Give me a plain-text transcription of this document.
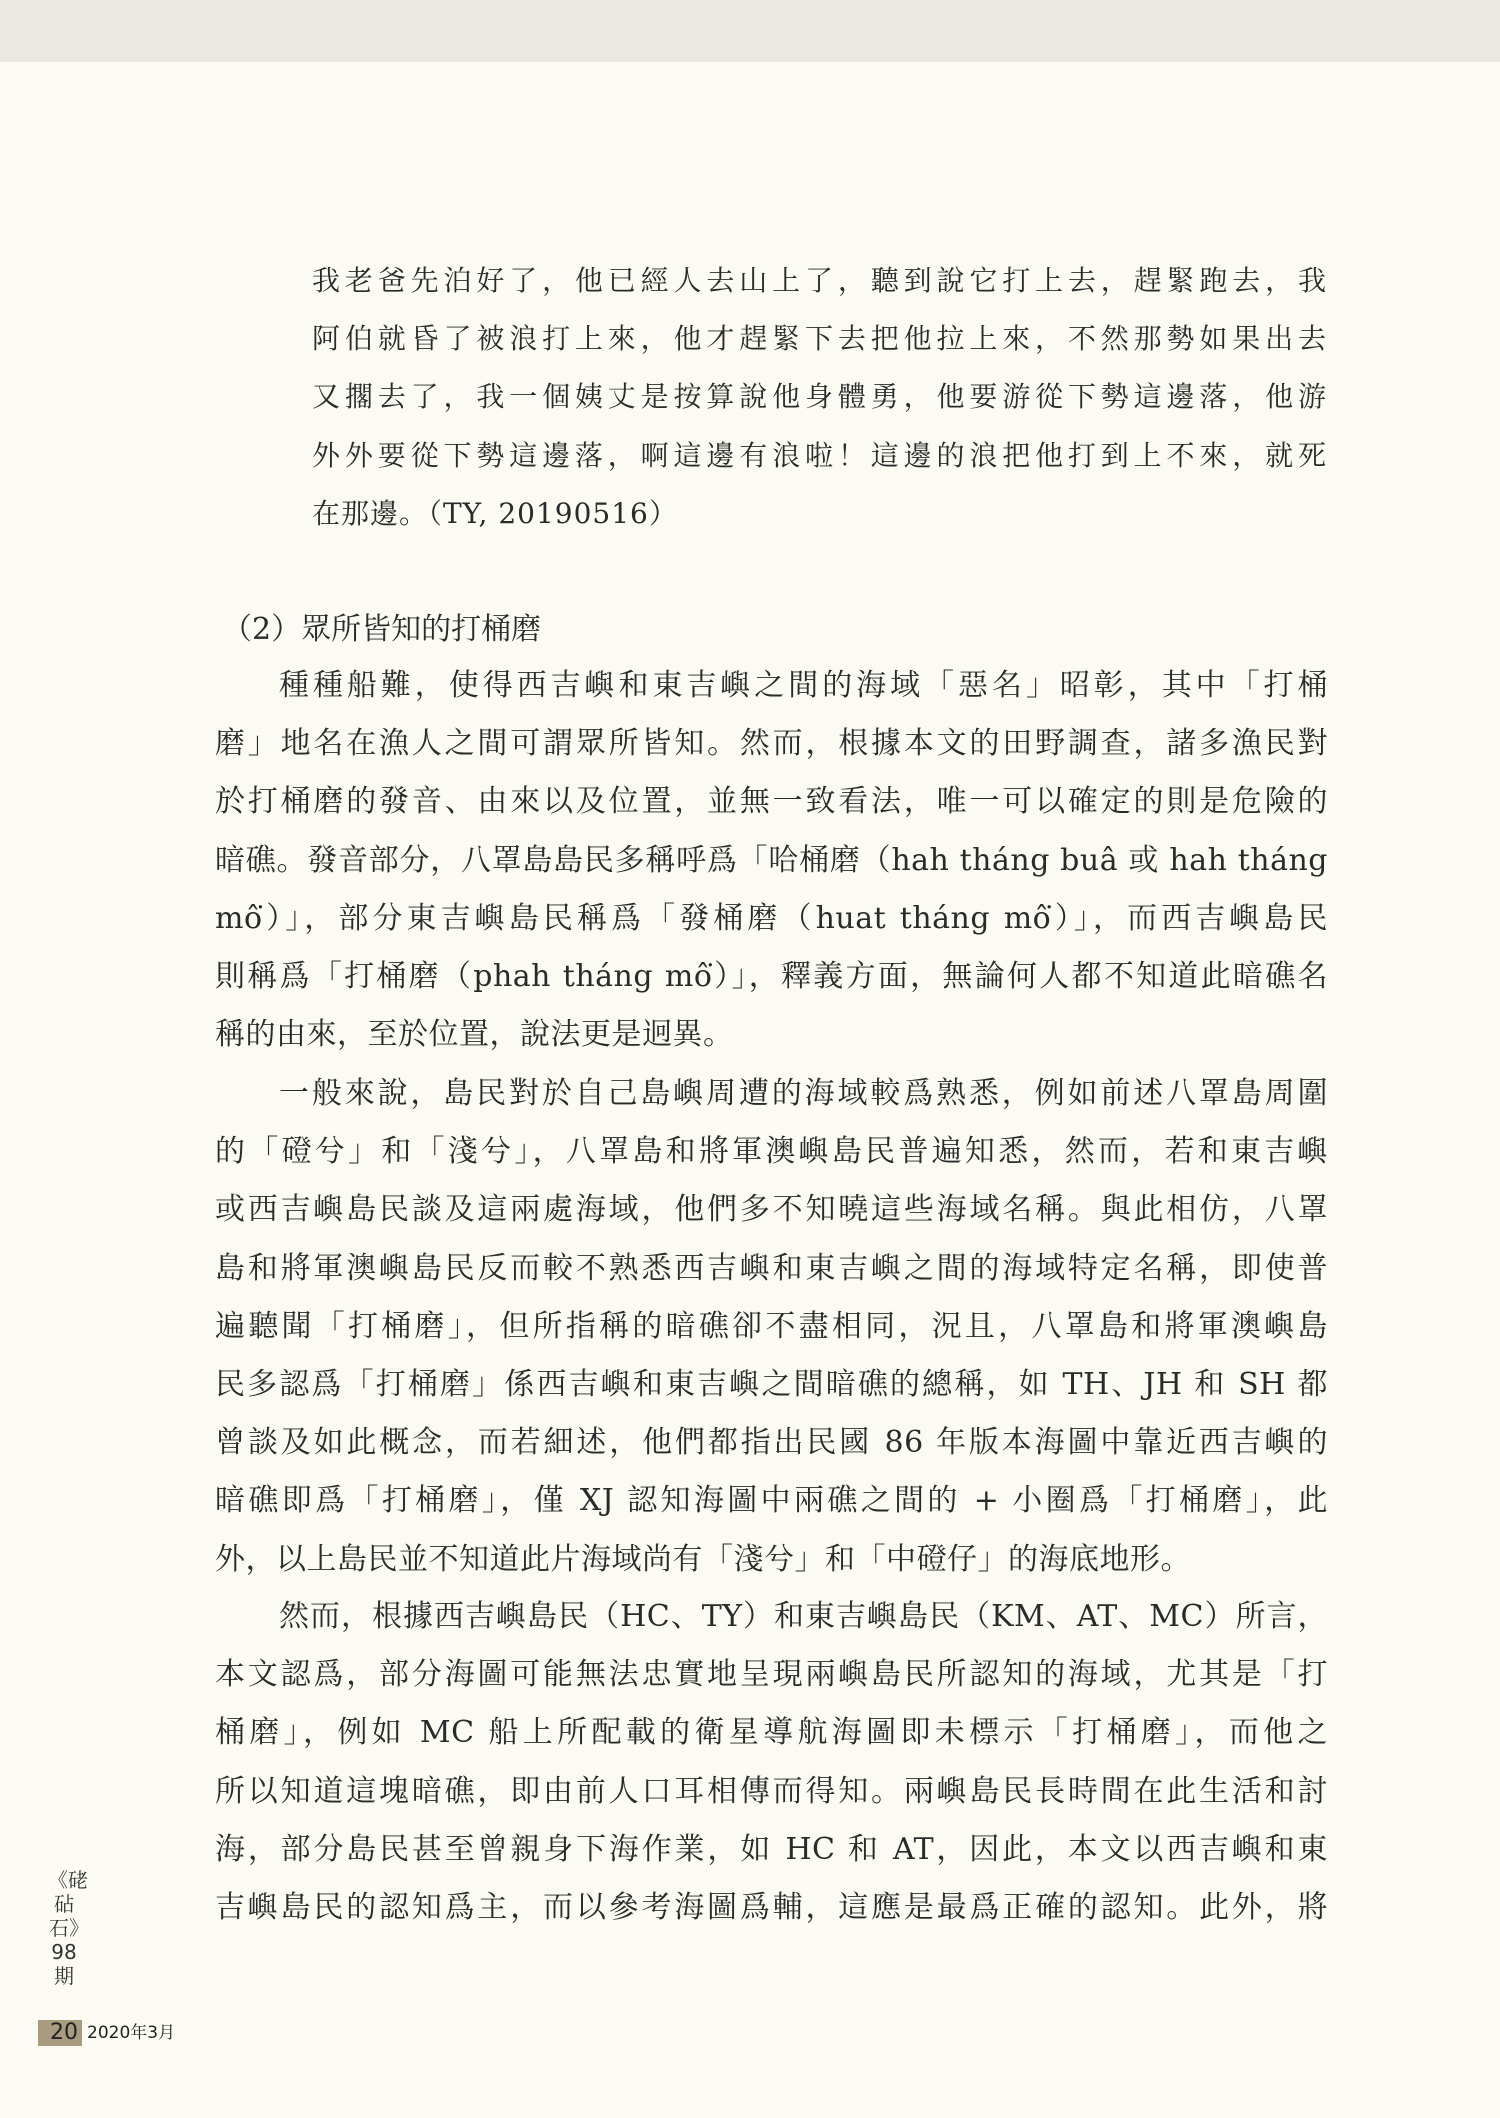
我老爸先泊好了，他已經人去山上了，聽到說它打上去，趕緊跑去，我
阿伯就昏了被浪打上來，他才趕緊下去把他拉上來，不然那勢如果出去
又擱去了，我一個姨丈是按算說他身體勇，他要游從下勢這邊落，他游
外外要從下勢這邊落，啊這邊有浪啦！這邊的浪把他打到上不來，就死
在那邊。（TY, 20190516）
（2）眾所皆知的打桶磨
種種船難，使得西吉嶼和東吉嶼之間的海域「惡名」昭彰，其中「打桶
磨」地名在漁人之間可謂眾所皆知。然而，根據本文的田野調查，諸多漁民對
於打桶磨的發音、由來以及位置，並無一致看法，唯一可以確定的則是危險的
暗礁。發音部分，八罩島島民多稱呼爲「哈桶磨（hah tháng buâ 或 hah tháng
mô͘）」，部分東吉嶼島民稱爲「發桶磨（huat tháng mô͘）」，而西吉嶼島民
則稱爲「打桶磨（phah tháng mô͘）」，釋義方面，無論何人都不知道此暗礁名
稱的由來，至於位置，說法更是迥異。
一般來說，島民對於自己島嶼周遭的海域較爲熟悉，例如前述八罩島周圍
的「磴兮」和「淺兮」，八罩島和將軍澳嶼島民普遍知悉，然而，若和東吉嶼
或西吉嶼島民談及這兩處海域，他們多不知曉這些海域名稱。與此相仿，八罩
島和將軍澳嶼島民反而較不熟悉西吉嶼和東吉嶼之間的海域特定名稱，即使普
遍聽聞「打桶磨」，但所指稱的暗礁卻不盡相同，況且，八罩島和將軍澳嶼島
民多認爲「打桶磨」係西吉嶼和東吉嶼之間暗礁的總稱，如 TH、JH 和 SH 都
曾談及如此概念，而若細述，他們都指出民國 86 年版本海圖中靠近西吉嶼的
暗礁即爲「打桶磨」，僅 XJ 認知海圖中兩礁之間的 + 小圈爲「打桶磨」，此
外，以上島民並不知道此片海域尚有「淺兮」和「中磴仔」的海底地形。
然而，根據西吉嶼島民（HC、TY）和東吉嶼島民（KM、AT、MC）所言，
本文認爲，部分海圖可能無法忠實地呈現兩嶼島民所認知的海域，尤其是「打
桶磨」，例如 MC 船上所配載的衛星導航海圖即未標示「打桶磨」，而他之
所以知道這塊暗礁，即由前人口耳相傳而得知。兩嶼島民長時間在此生活和討
海，部分島民甚至曾親身下海作業，如 HC 和 AT，因此，本文以西吉嶼和東
吉嶼島民的認知爲主，而以參考海圖爲輔，這應是最爲正確的認知。此外，將
《硓砧石》98期
20 2020年3月
